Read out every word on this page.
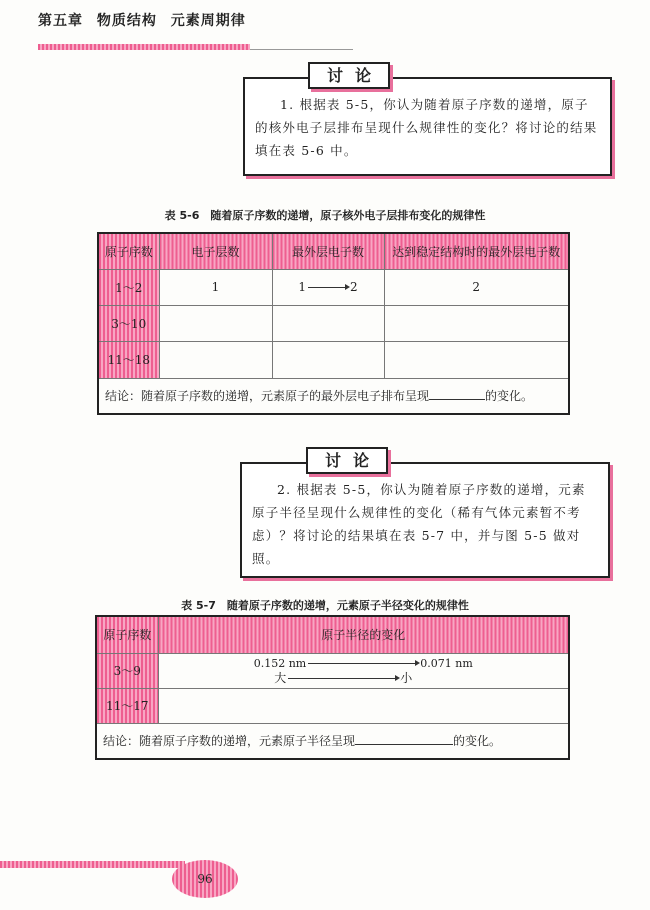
第五章 物质结构 元素周期律

1. 根据表 5-5，你认为随着原子序数的递增，原子的核外电子层排布呈现什么规律性的变化？将讨论的结果填在表 5-6 中。

讨论
表 5-6　随着原子序数的递增，原子核外电子层排布变化的规律性
原子序数	电子层数	最外层电子数	达到稳定结构时的最外层电子数
1～2	1	1 2	2
3～10			
11～18			
结论：随着原子序数的递增，元素原子的最外层电子排布呈现 的变化。			

2. 根据表 5-5，你认为随着原子序数的递增，元素原子半径呈现什么规律性的变化（稀有气体元素暂不考虑）？将讨论的结果填在表 5-7 中，并与图 5-5 做对照。

讨论
表 5-7　随着原子序数的递增，元素原子半径变化的规律性
原子序数	原子半径的变化
3～9	0.152 nm 0.071 nm
大 小

11～17	
结论：随着原子序数的递增，元素原子半径呈现 的变化。	
96
